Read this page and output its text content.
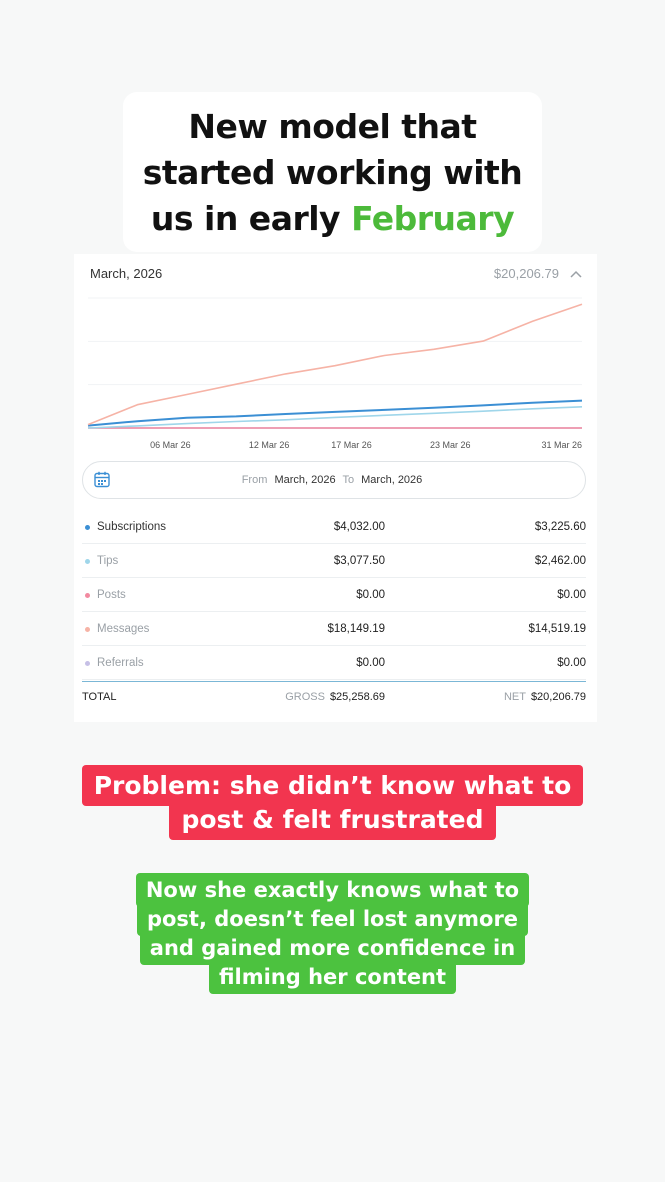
New model that
started working with
us in early February
March, 2026	$20,206.79
06 Mar 26	12 Mar 26	17 Mar 26	23 Mar 26	31 Mar 26
From March, 2026 To March, 2026
Subscriptions	$4,032.00	$3,225.60
Tips	$3,077.50	$2,462.00
Posts	$0.00	$0.00
Messages	$18,149.19	$14,519.19
Referrals	$0.00	$0.00
TOTAL	GROSS $25,258.69	NET $20,206.79
Problem: she didn’t know what to
post & felt frustrated
Now she exactly knows what to
post, doesn’t feel lost anymore
and gained more confidence in
filming her content
